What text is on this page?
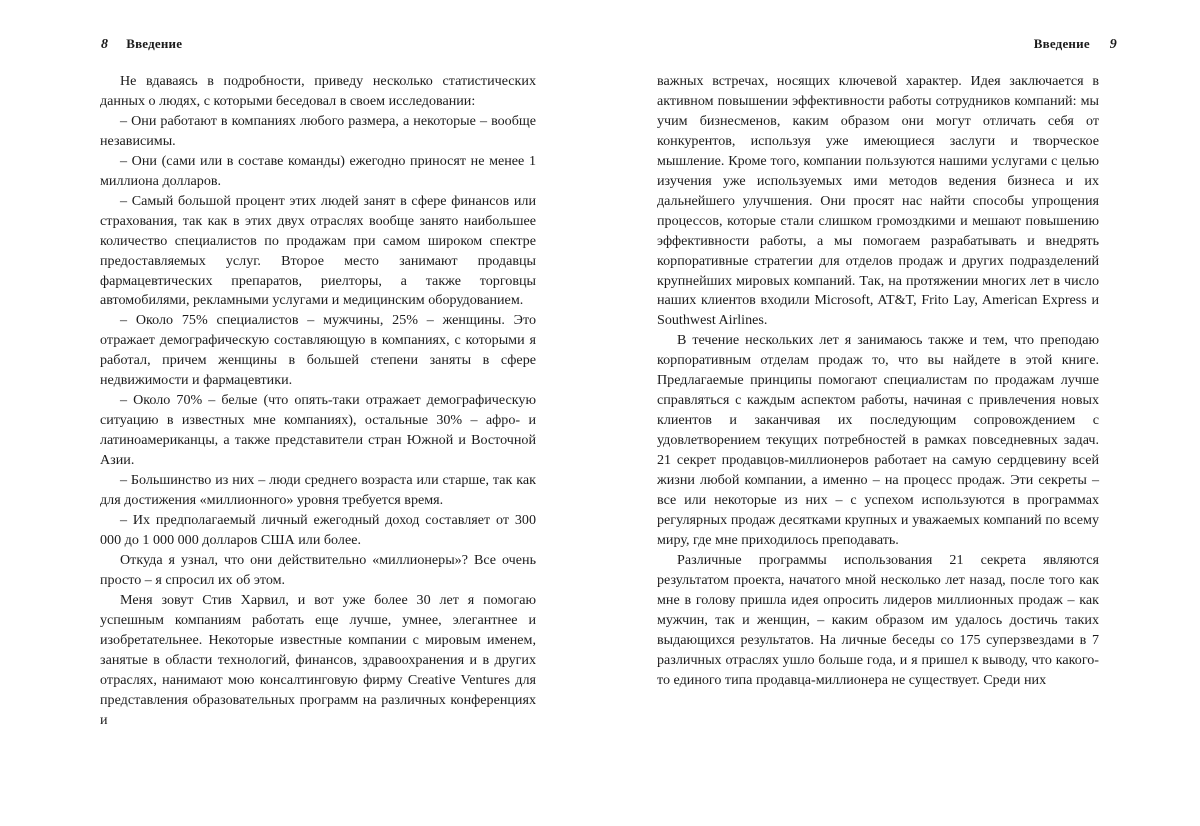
8 Введение

Не вдаваясь в подробности, приведу несколько статистических данных о людях, с которыми беседовал в своем исследовании:

– Они работают в компаниях любого размера, а некоторые – вообще независимы.

– Они (сами или в составе команды) ежегодно приносят не менее 1 миллиона долларов.

– Самый большой процент этих людей занят в сфере финансов или страхования, так как в этих двух отраслях вообще занято наибольшее количество специалистов по продажам при самом широком спектре предоставляемых услуг. Второе место занимают продавцы фармацевтических препаратов, риелторы, а также торговцы автомобилями, рекламными услугами и медицинским оборудованием.

– Около 75% специалистов – мужчины, 25% – женщины. Это отражает демографическую составляющую в компаниях, с которыми я работал, причем женщины в большей степени заняты в сфере недвижимости и фармацевтики.

– Около 70% – белые (что опять-таки отражает демографическую ситуацию в известных мне компаниях), остальные 30% – афро- и латиноамериканцы, а также представители стран Южной и Восточной Азии.

– Большинство из них – люди среднего возраста или старше, так как для достижения «миллионного» уровня требуется время.

– Их предполагаемый личный ежегодный доход составляет от 300 000 до 1 000 000 долларов США или более.

Откуда я узнал, что они действительно «миллионеры»? Все очень просто – я спросил их об этом.

Меня зовут Стив Харвил, и вот уже более 30 лет я помогаю успешным компаниям работать еще лучше, умнее, элегантнее и изобретательнее. Некоторые известные компании с мировым именем, занятые в области технологий, финансов, здравоохранения и в других отраслях, нанимают мою консалтинговую фирму Creative Ventures для представления образовательных программ на различных конференциях и

Введение 9

важных встречах, носящих ключевой характер. Идея заключается в активном повышении эффективности работы сотрудников компаний: мы учим бизнесменов, каким образом они могут отличать себя от конкурентов, используя уже имеющиеся заслуги и творческое мышление. Кроме того, компании пользуются нашими услугами с целью изучения уже используемых ими методов ведения бизнеса и их дальнейшего улучшения. Они просят нас найти способы упрощения процессов, которые стали слишком громоздкими и мешают повышению эффективности работы, а мы помогаем разрабатывать и внедрять корпоративные стратегии для отделов продаж и других подразделений крупнейших мировых компаний. Так, на протяжении многих лет в число наших клиентов входили Microsoft, AT&T, Frito Lay, American Express и Southwest Airlines.

В течение нескольких лет я занимаюсь также и тем, что преподаю корпоративным отделам продаж то, что вы найдете в этой книге. Предлагаемые принципы помогают специалистам по продажам лучше справляться с каждым аспектом работы, начиная с привлечения новых клиентов и заканчивая их последующим сопровождением с удовлетворением текущих потребностей в рамках повседневных задач. 21 секрет продавцов-миллионеров работает на самую сердцевину всей жизни любой компании, а именно – на процесс продаж. Эти секреты – все или некоторые из них – с успехом используются в программах регулярных продаж десятками крупных и уважаемых компаний по всему миру, где мне приходилось преподавать.

Различные программы использования 21 секрета являются результатом проекта, начатого мной несколько лет назад, после того как мне в голову пришла идея опросить лидеров миллионных продаж – как мужчин, так и женщин, – каким образом им удалось достичь таких выдающихся результатов. На личные беседы со 175 суперзвездами в 7 различных отраслях ушло больше года, и я пришел к выводу, что какого-то единого типа продавца-миллионера не существует. Среди них
